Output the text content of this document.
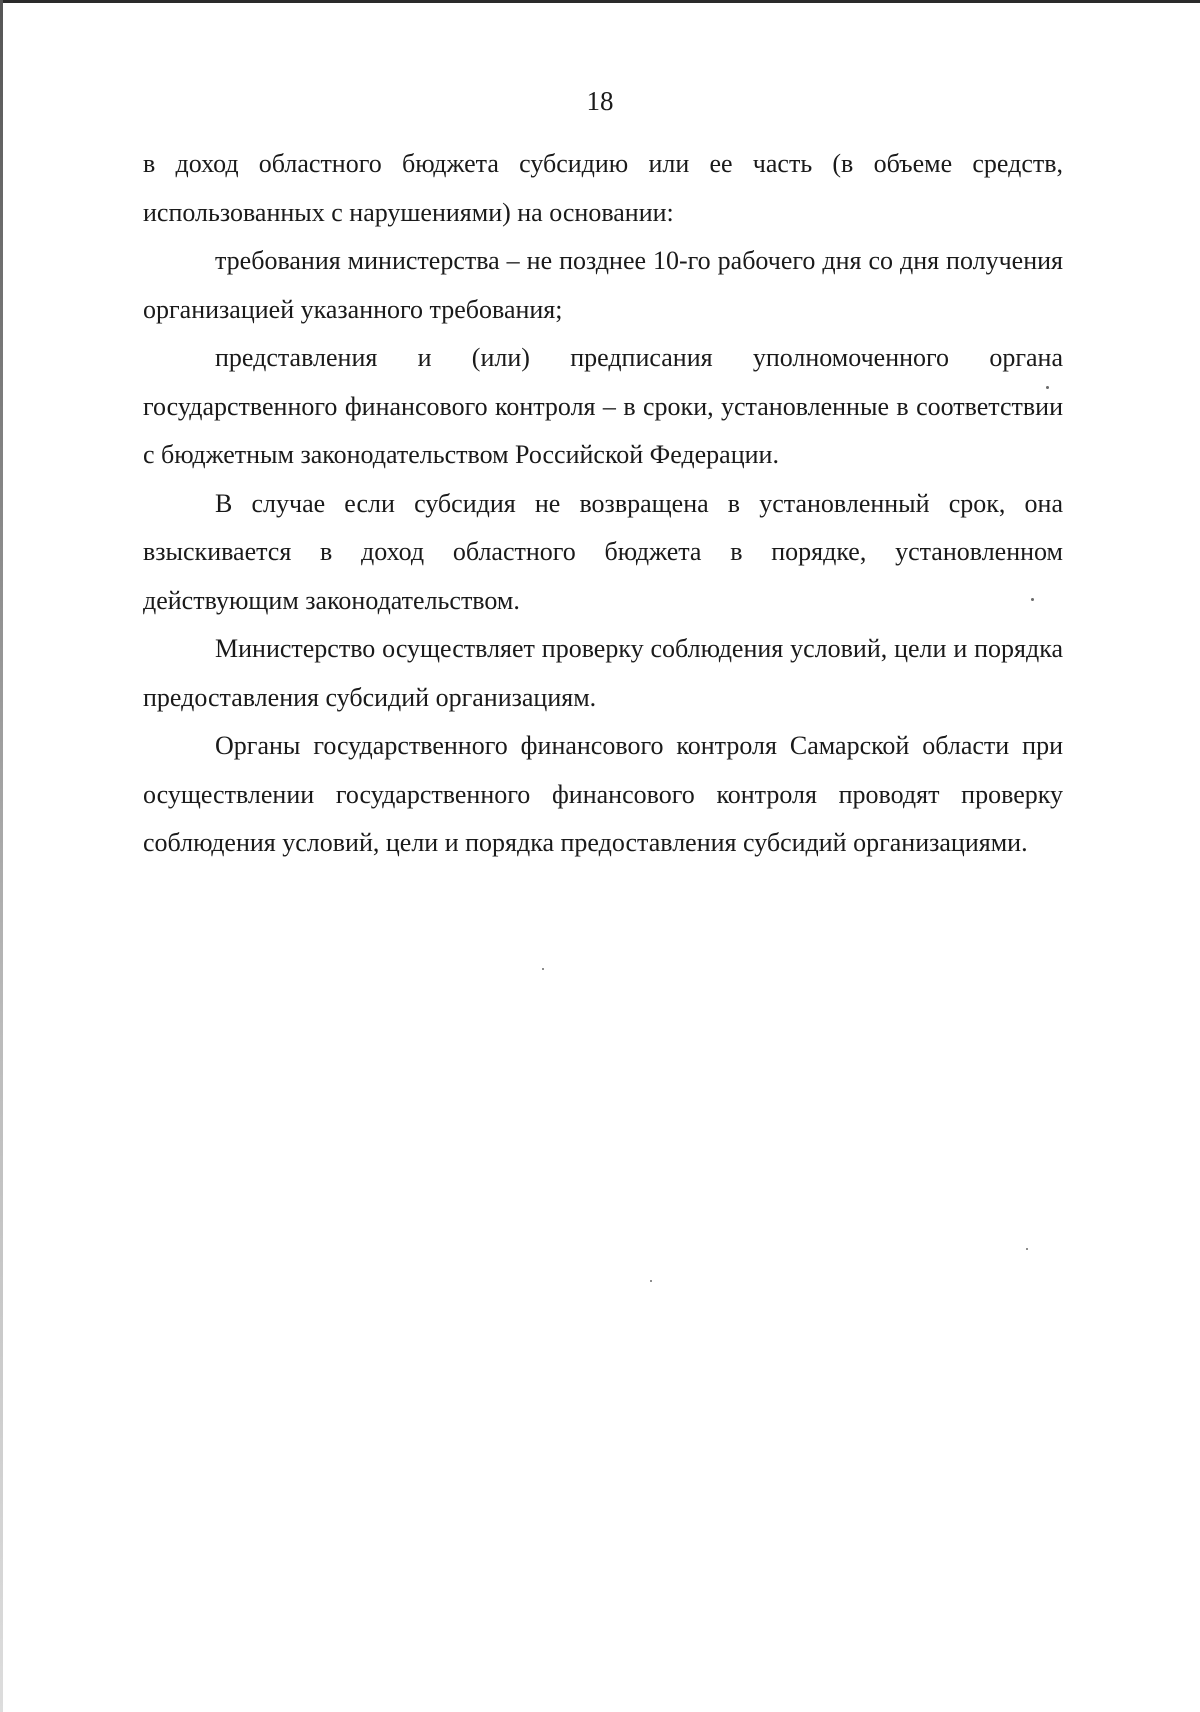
18

в доход областного бюджета субсидию или ее часть (в объеме средств, использованных с нарушениями) на основании:

требования министерства – не позднее 10-го рабочего дня со дня получения организацией указанного требования;

представления и (или) предписания уполномоченного органа государственного финансового контроля – в сроки, установленные в соответствии с бюджетным законодательством Российской Федерации.

В случае если субсидия не возвращена в установленный срок, она взыскивается в доход областного бюджета в порядке, установленном действующим законодательством.

Министерство осуществляет проверку соблюдения условий, цели и порядка предоставления субсидий организациям.

Органы государственного финансового контроля Самарской области при осуществлении государственного финансового контроля проводят проверку соблюдения условий, цели и порядка предоставления субсидий организациями.
